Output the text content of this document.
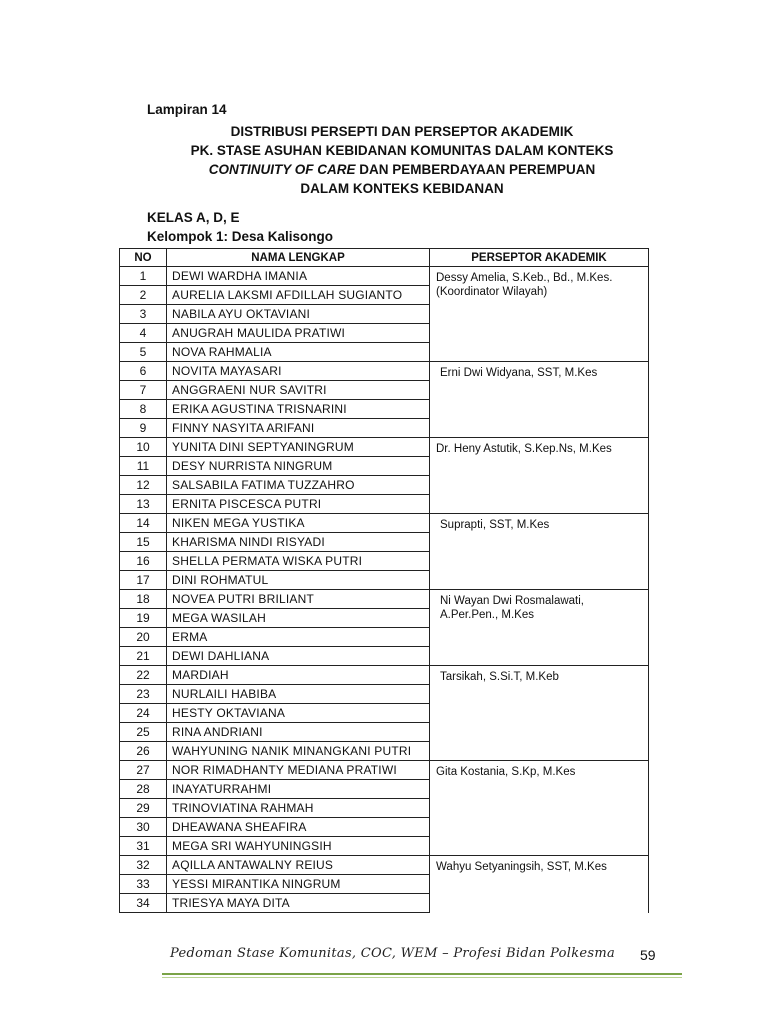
Lampiran 14
DISTRIBUSI PERSEPTI DAN PERSEPTOR AKADEMIK
PK. STASE ASUHAN KEBIDANAN KOMUNITAS DALAM KONTEKS
CONTINUITY OF CARE DAN PEMBERDAYAAN PEREMPUAN
DALAM KONTEKS KEBIDANAN
KELAS A, D, E
Kelompok 1: Desa Kalisongo
NO	NAMA LENGKAP	PERSEPTOR AKADEMIK
1	DEWI WARDHA IMANIA	Dessy Amelia, S.Keb., Bd., M.Kes.
(Koordinator Wilayah)

2	AURELIA LAKSMI AFDILLAH SUGIANTO	
3	NABILA AYU OKTAVIANI	
4	ANUGRAH MAULIDA PRATIWI	
5	NOVA RAHMALIA	
6	NOVITA MAYASARI	Erni Dwi Widyana, SST, M.Kes

7	ANGGRAENI NUR SAVITRI	
8	ERIKA AGUSTINA TRISNARINI	
9	FINNY NASYITA ARIFANI	
10	YUNITA DINI SEPTYANINGRUM	Dr. Heny Astutik, S.Kep.Ns, M.Kes

11	DESY NURRISTA NINGRUM	
12	SALSABILA FATIMA TUZZAHRO	
13	ERNITA PISCESCA PUTRI	
14	NIKEN MEGA YUSTIKA	Suprapti, SST, M.Kes

15	KHARISMA NINDI RISYADI	
16	SHELLA PERMATA WISKA PUTRI	
17	DINI ROHMATUL	
18	NOVEA PUTRI BRILIANT	Ni Wayan Dwi Rosmalawati,
A.Per.Pen., M.Kes

19	MEGA WASILAH	
20	ERMA	
21	DEWI DAHLIANA	
22	MARDIAH	Tarsikah, S.Si.T, M.Keb

23	NURLAILI HABIBA	
24	HESTY OKTAVIANA	
25	RINA ANDRIANI	
26	WAHYUNING NANIK MINANGKANI PUTRI	
27	NOR RIMADHANTY MEDIANA PRATIWI	Gita Kostania, S.Kp, M.Kes

28	INAYATURRAHMI	
29	TRINOVIATINA RAHMAH	
30	DHEAWANA SHEAFIRA	
31	MEGA SRI WAHYUNINGSIH	
32	AQILLA ANTAWALNY REIUS	Wahyu Setyaningsih, SST, M.Kes

33	YESSI MIRANTIKA NINGRUM	
34	TRIESYA MAYA DITA	
Pedoman Stase Komunitas, COC, WEM – Profesi Bidan Polkesma 59
